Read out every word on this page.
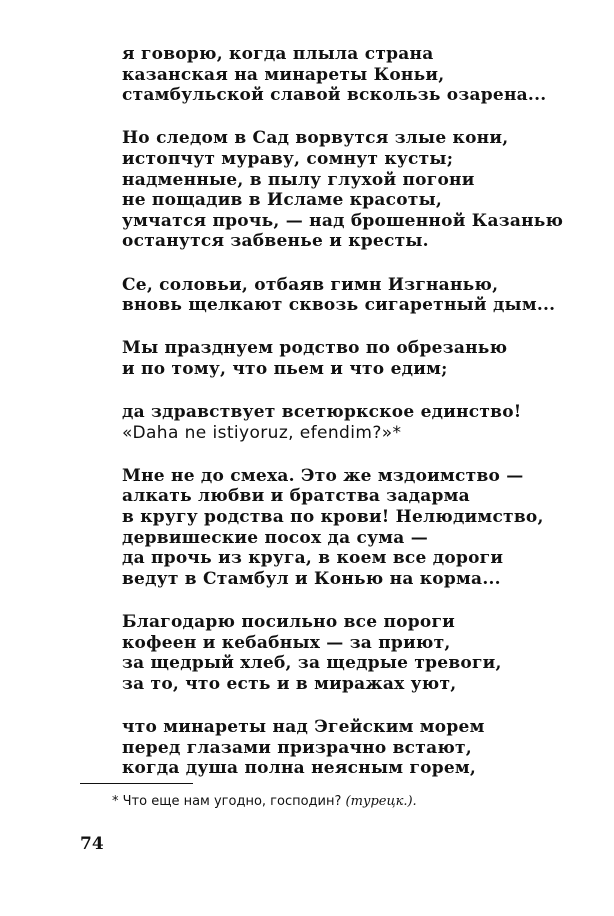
я говорю, когда плыла страна
казанская на минареты Коньи,
стамбульской славой вскользь озарена...
Но следом в Сад ворвутся злые кони,
истопчут мураву, сомнут кусты;
надменные, в пылу глухой погони
не пощадив в Исламе красоты,
умчатся прочь, — над брошенной Казанью
останутся забвенье и кресты.
Се, соловьи, отбаяв гимн Изгнанью,
вновь щелкают сквозь сигаретный дым...
Мы празднуем родство по обрезанью
и по тому, что пьем и что едим;
да здравствует всетюркское единство!
«Daha ne istiyoruz, efendim?»*
Мне не до смеха. Это же мздоимство —
алкать любви и братства задарма
в кругу родства по крови! Нелюдимство,
дервишеские посох да сума —
да прочь из круга, в коем все дороги
ведут в Стамбул и Конью на корма...
Благодарю посильно все пороги
кофеен и кебабных — за приют,
за щедрый хлеб, за щедрые тревоги,
за то, что есть и в миражах уют,
что минареты над Эгейским морем
перед глазами призрачно встают,
когда душа полна неясным горем,
* Что еще нам угодно, господин? (турецк.).
74
